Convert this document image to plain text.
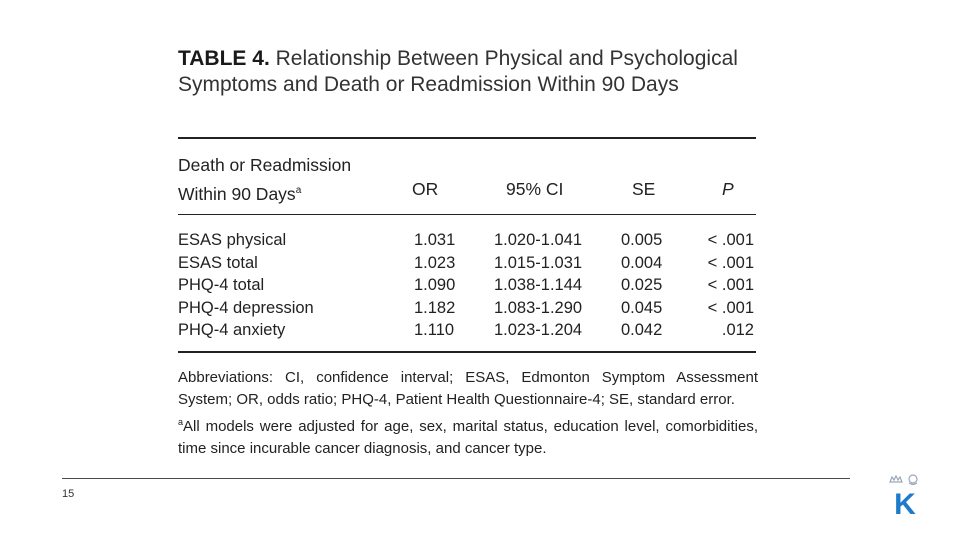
TABLE 4. Relationship Between Physical and Psychological Symptoms and Death or Readmission Within 90 Days
Death or Readmission
Within 90 Days$^a$	OR	95% CI	SE	P
ESAS physical	1.031 1.020-1.041 0.005	< .001
ESAS total	1.023 1.015-1.031 0.004	< .001
PHQ-4 total	1.090 1.038-1.144 0.025	< .001
PHQ-4 depression	1.182 1.083-1.290 0.045	< .001
PHQ-4 anxiety	1.110 1.023-1.204 0.042	.012

Abbreviations: CI, confidence interval; ESAS, Edmonton Symptom Assessment System; OR, odds ratio; PHQ-4, Patient Health Questionnaire-4; SE, standard error.

$^a$All models were adjusted for age, sex, marital status, education level, comorbidities, time since incurable cancer diagnosis, and cancer type.

15	K
